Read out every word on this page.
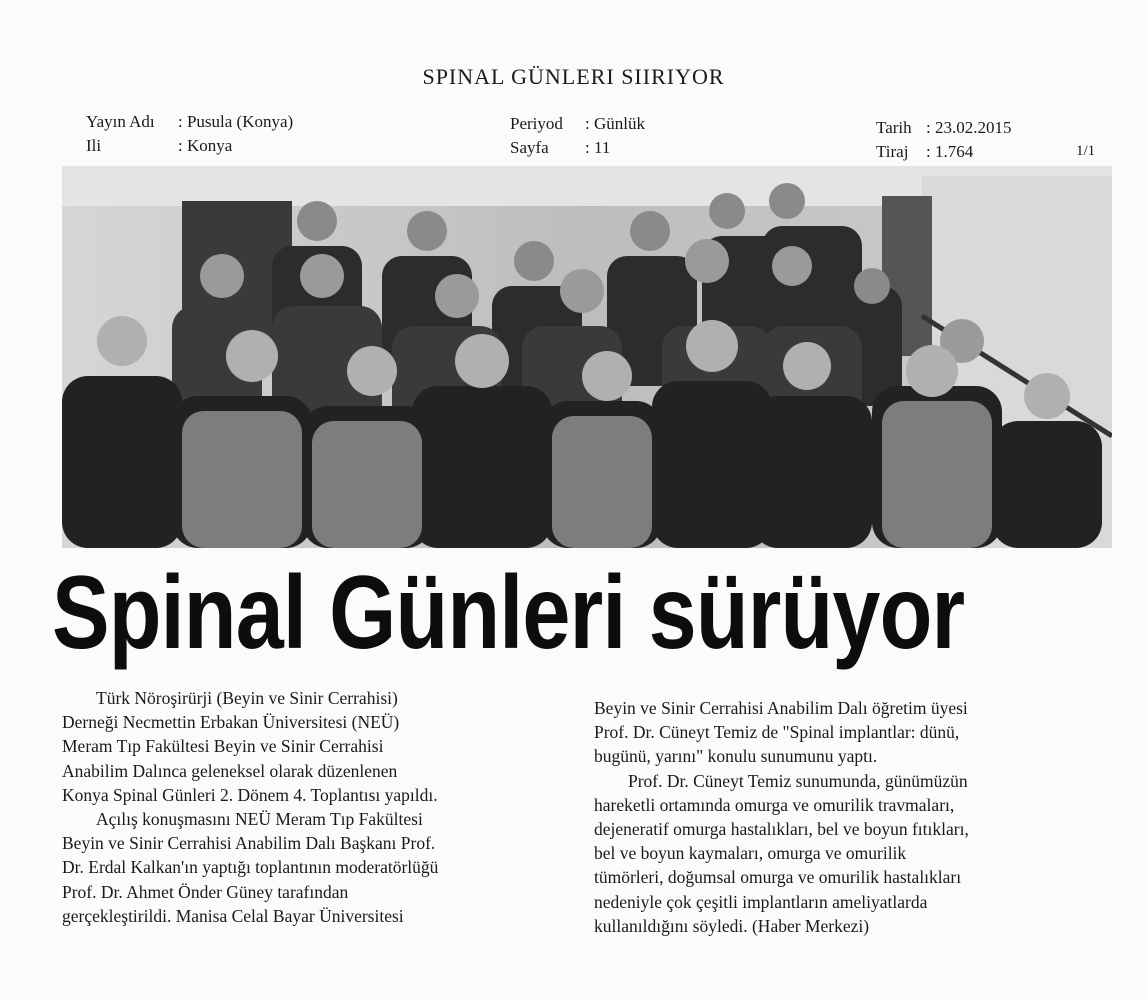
SPINAL GÜNLERI SIIRIYOR
Yayın Adı : Pusula (Konya)
Ili	: Konya
Periyod : Günlük
Sayfa : 11
Tarih : 23.02.2015
Tiraj : 1.764	1/1
Spinal Günleri sürüyor

Türk Nöroşirürji (Beyin ve Sinir Cerrahisi)

Derneği Necmettin Erbakan Üniversitesi (NEÜ)

Meram Tıp Fakültesi Beyin ve Sinir Cerrahisi

Anabilim Dalınca geleneksel olarak düzenlenen

Konya Spinal Günleri 2. Dönem 4. Toplantısı yapıldı.

Açılış konuşmasını NEÜ Meram Tıp Fakültesi

Beyin ve Sinir Cerrahisi Anabilim Dalı Başkanı Prof.

Dr. Erdal Kalkan'ın yaptığı toplantının moderatörlüğü

Prof. Dr. Ahmet Önder Güney tarafından

gerçekleştirildi. Manisa Celal Bayar Üniversitesi

Beyin ve Sinir Cerrahisi Anabilim Dalı öğretim üyesi

Prof. Dr. Cüneyt Temiz de "Spinal implantlar: dünü,

bugünü, yarını" konulu sunumunu yaptı.

Prof. Dr. Cüneyt Temiz sunumunda, günümüzün

hareketli ortamında omurga ve omurilik travmaları,

dejeneratif omurga hastalıkları, bel ve boyun fıtıkları,

bel ve boyun kaymaları, omurga ve omurilik

tümörleri, doğumsal omurga ve omurilik hastalıkları

nedeniyle çok çeşitli implantların ameliyatlarda

kullanıldığını söyledi. (Haber Merkezi)
